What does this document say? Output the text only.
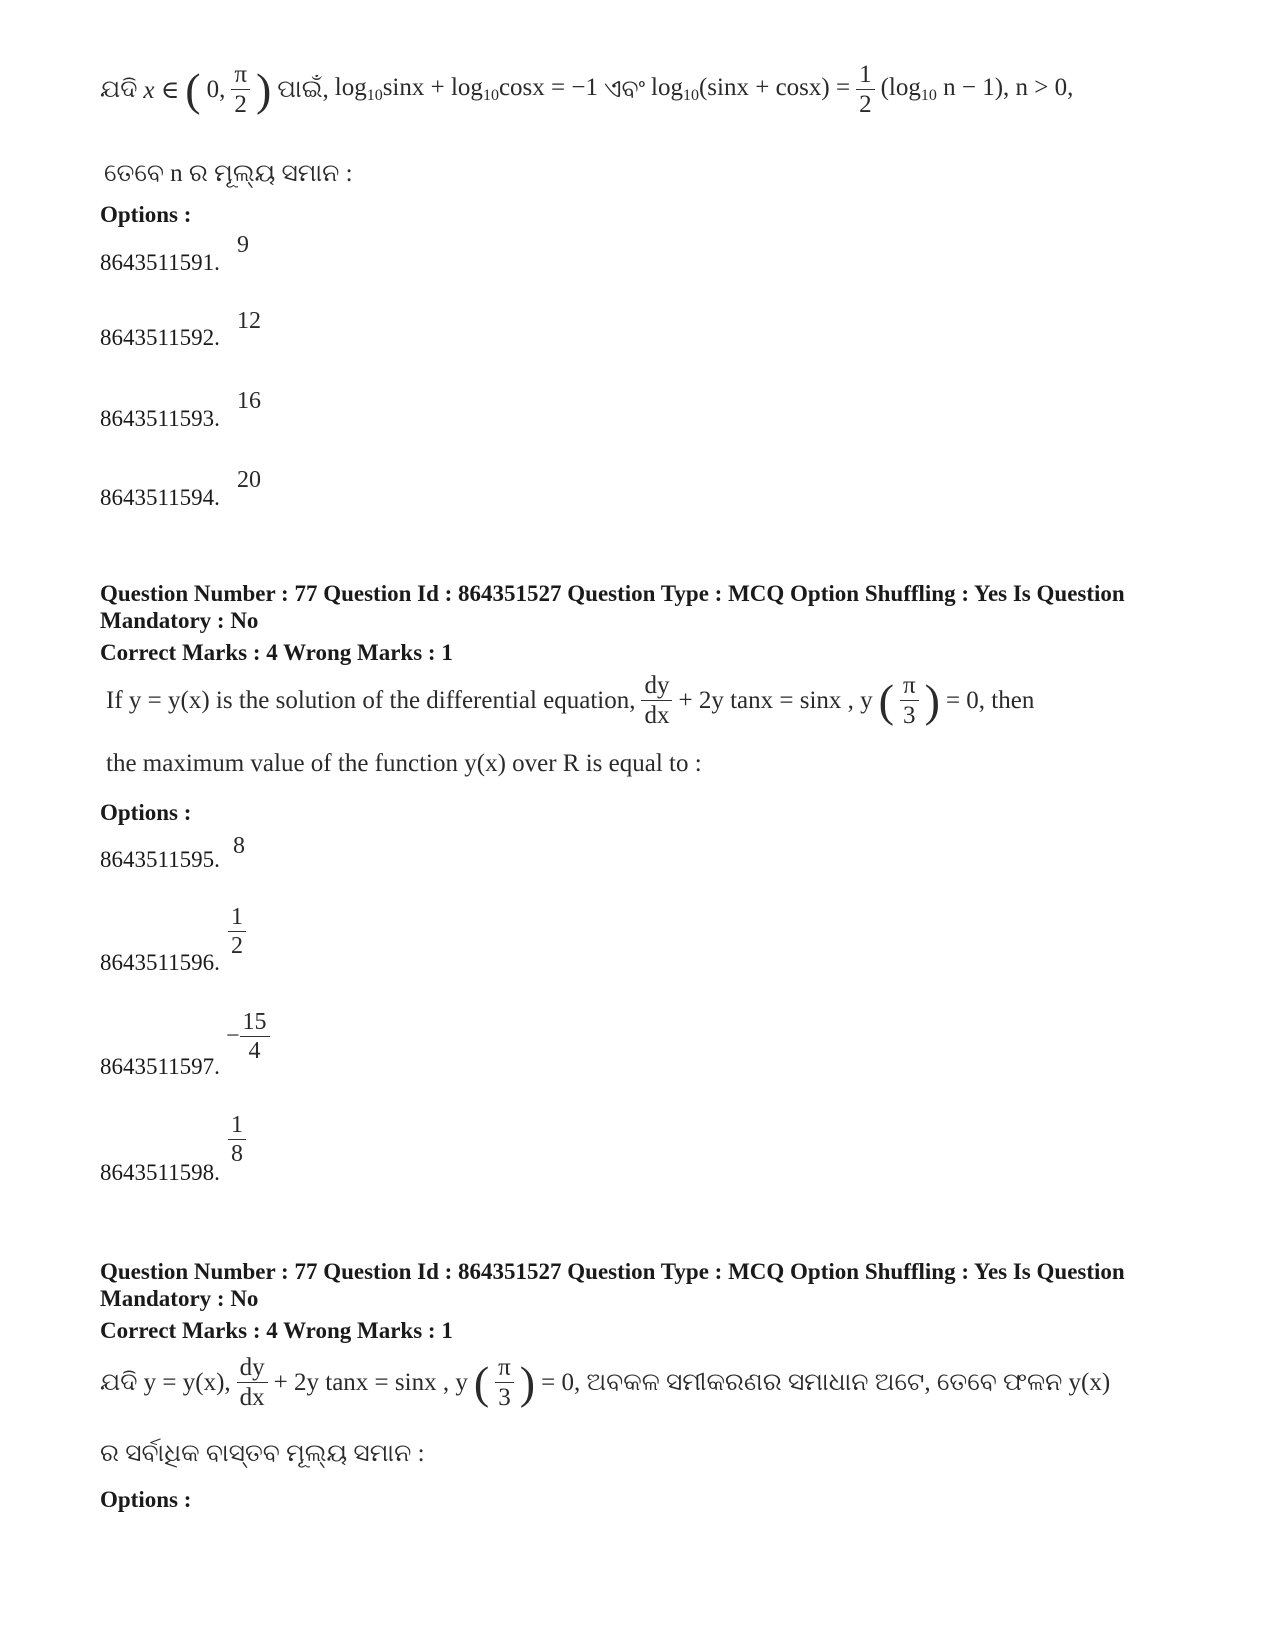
ଯଦି x ∈ ( 0, $\frac{\pi}{2}$ ) ପାଇଁ, $\log_{10}\sin x + \log_{10}\cos x = -1$ ଏବଂ $\log_{10}(\sin x + \cos x) = \frac{1}{2} (\log_{10}$ n − 1), n > 0,
ତେବେ n ର ମୂଲ୍ୟ ସମାନ :
Options :
8643511591.
9
8643511592.
12
8643511593.
16
8643511594.
20
Question Number : 77 Question Id : 864351527 Question Type : MCQ Option Shuffling : Yes Is Question
Mandatory : No
Correct Marks : 4 Wrong Marks : 1
If y = y(x) is the solution of the differential equation, $\frac{dy}{dx} + 2y$ tanx = sinx , y ( $\frac{\pi}{3}$ ) = 0, then
the maximum value of the function y(x) over R is equal to :
Options :
8643511595.
8
8643511596.
$\frac{1}{2}$
8643511597.
− $\frac{15}{4}$
8643511598.
$\frac{1}{8}$
Question Number : 77 Question Id : 864351527 Question Type : MCQ Option Shuffling : Yes Is Question
Mandatory : No
Correct Marks : 4 Wrong Marks : 1
ଯଦି y = y(x), $\frac{dy}{dx} + 2y$ tanx = sinx , y ( $\frac{\pi}{3}$ ) = 0, ଅବକଳ ସମୀକରଣର ସମାଧାନ ଅଟେ, ତେବେ ଫଳନ y(x)
ର ସର୍ବାଧିକ ବାସ୍ତବ ମୂଲ୍ୟ ସମାନ :
Options :
